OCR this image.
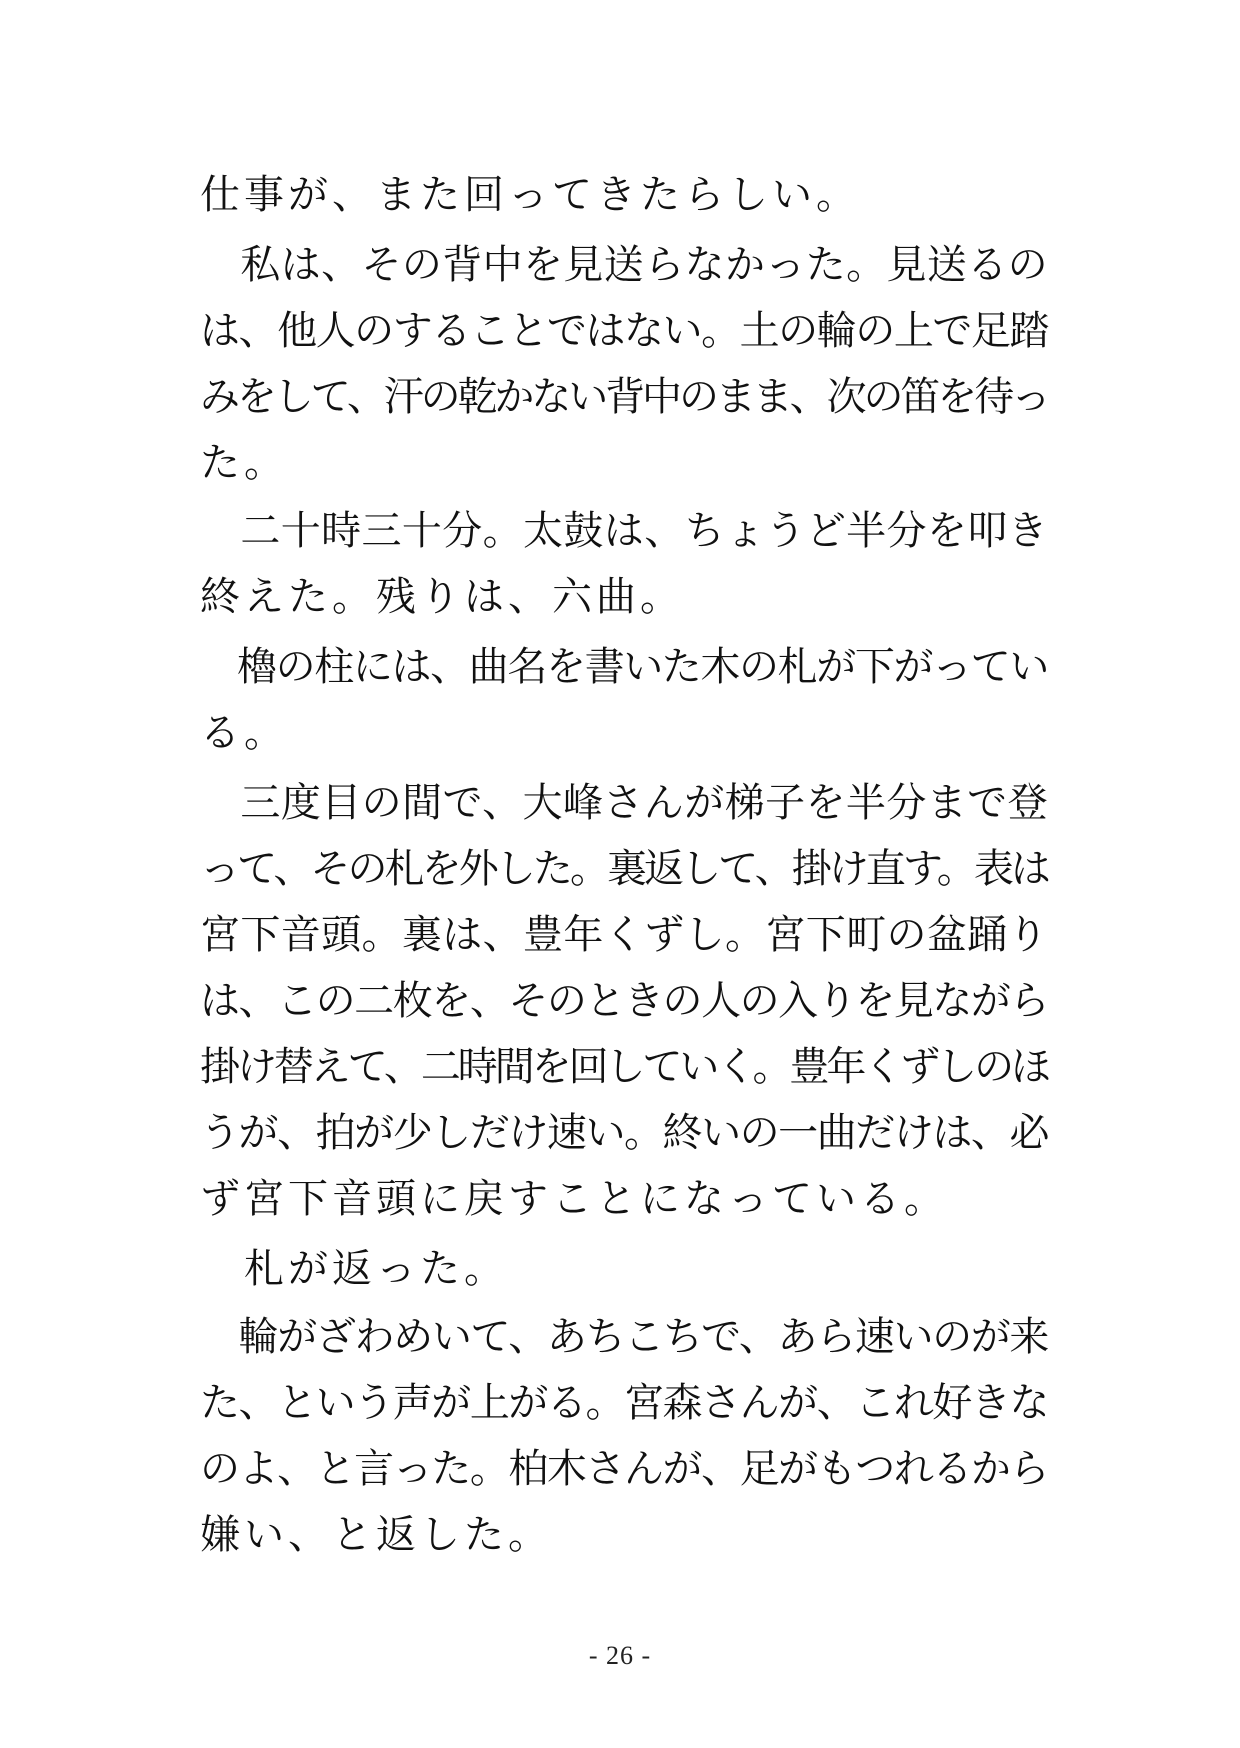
仕事が、また回ってきたらしい。
　私は、その背中を見送らなかった。見送るの
は、他人のすることではない。土の輪の上で足踏
みをして、汗の乾かない背中のまま、次の笛を待っ
た。
　二十時三十分。太鼓は、ちょうど半分を叩き
終えた。残りは、六曲。
櫓の柱には、曲名を書いた木の札が下がってい
る。
　三度目の間で、大峰さんが梯子を半分まで登
って、その札を外した。裏返して、掛け直す。表は
宮下音頭。裏は、豊年くずし。宮下町の盆踊り
は、この二枚を、そのときの人の入りを見ながら
掛け替えて、二時間を回していく。豊年くずしのほ
うが、拍が少しだけ速い。終いの一曲だけは、必
ず宮下音頭に戻すことになっている。
　札が返った。
　輪がざわめいて、あちこちで、あら速いのが来
た、という声が上がる。宮森さんが、これ好きな
のよ、と言った。柏木さんが、足がもつれるから
嫌い、と返した。
- 26 -
